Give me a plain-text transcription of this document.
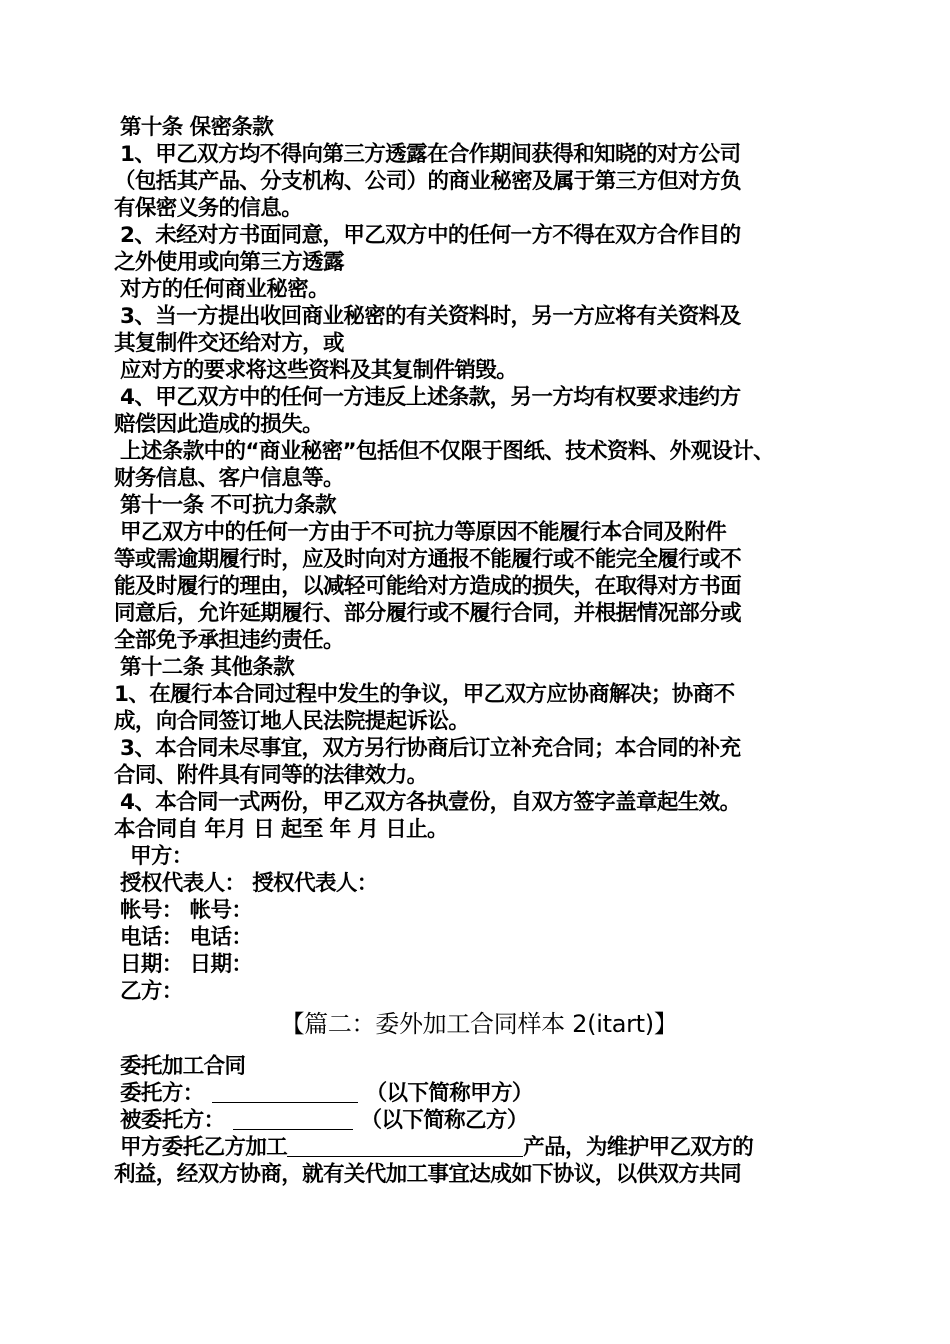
第十条 保密条款
1、甲乙双方均不得向第三方透露在合作期间获得和知晓的对方公司
（包括其产品、分支机构、公司）的商业秘密及属于第三方但对方负
有保密义务的信息。
2、未经对方书面同意，甲乙双方中的任何一方不得在双方合作目的
之外使用或向第三方透露
对方的任何商业秘密。
3、当一方提出收回商业秘密的有关资料时，另一方应将有关资料及
其复制件交还给对方，或
应对方的要求将这些资料及其复制件销毁。
4、甲乙双方中的任何一方违反上述条款，另一方均有权要求违约方
赔偿因此造成的损失。
上述条款中的“商业秘密”包括但不仅限于图纸、技术资料、外观设计、
财务信息、客户信息等。
第十一条 不可抗力条款
甲乙双方中的任何一方由于不可抗力等原因不能履行本合同及附件
等或需逾期履行时，应及时向对方通报不能履行或不能完全履行或不
能及时履行的理由，以减轻可能给对方造成的损失，在取得对方书面
同意后，允许延期履行、部分履行或不履行合同，并根据情况部分或
全部免予承担违约责任。
第十二条 其他条款
1、在履行本合同过程中发生的争议，甲乙双方应协商解决；协商不
成，向合同签订地人民法院提起诉讼。
3、本合同未尽事宜，双方另行协商后订立补充合同；本合同的补充
合同、附件具有同等的法律效力。
4、本合同一式两份，甲乙双方各执壹份，自双方签字盖章起生效。
本合同自 年月 日 起至 年 月 日止。
甲方：
授权代表人： 授权代表人：
帐号： 帐号：
电话： 电话：
日期： 日期：
乙方：
【篇二：委外加工合同样本 2(itart)】
委托加工合同
委托方：	（以下简称甲方）
被委托方：	（以下简称乙方）
甲方委托乙方加工	产品，为维护甲乙双方的
利益，经双方协商，就有关代加工事宜达成如下协议，以供双方共同
